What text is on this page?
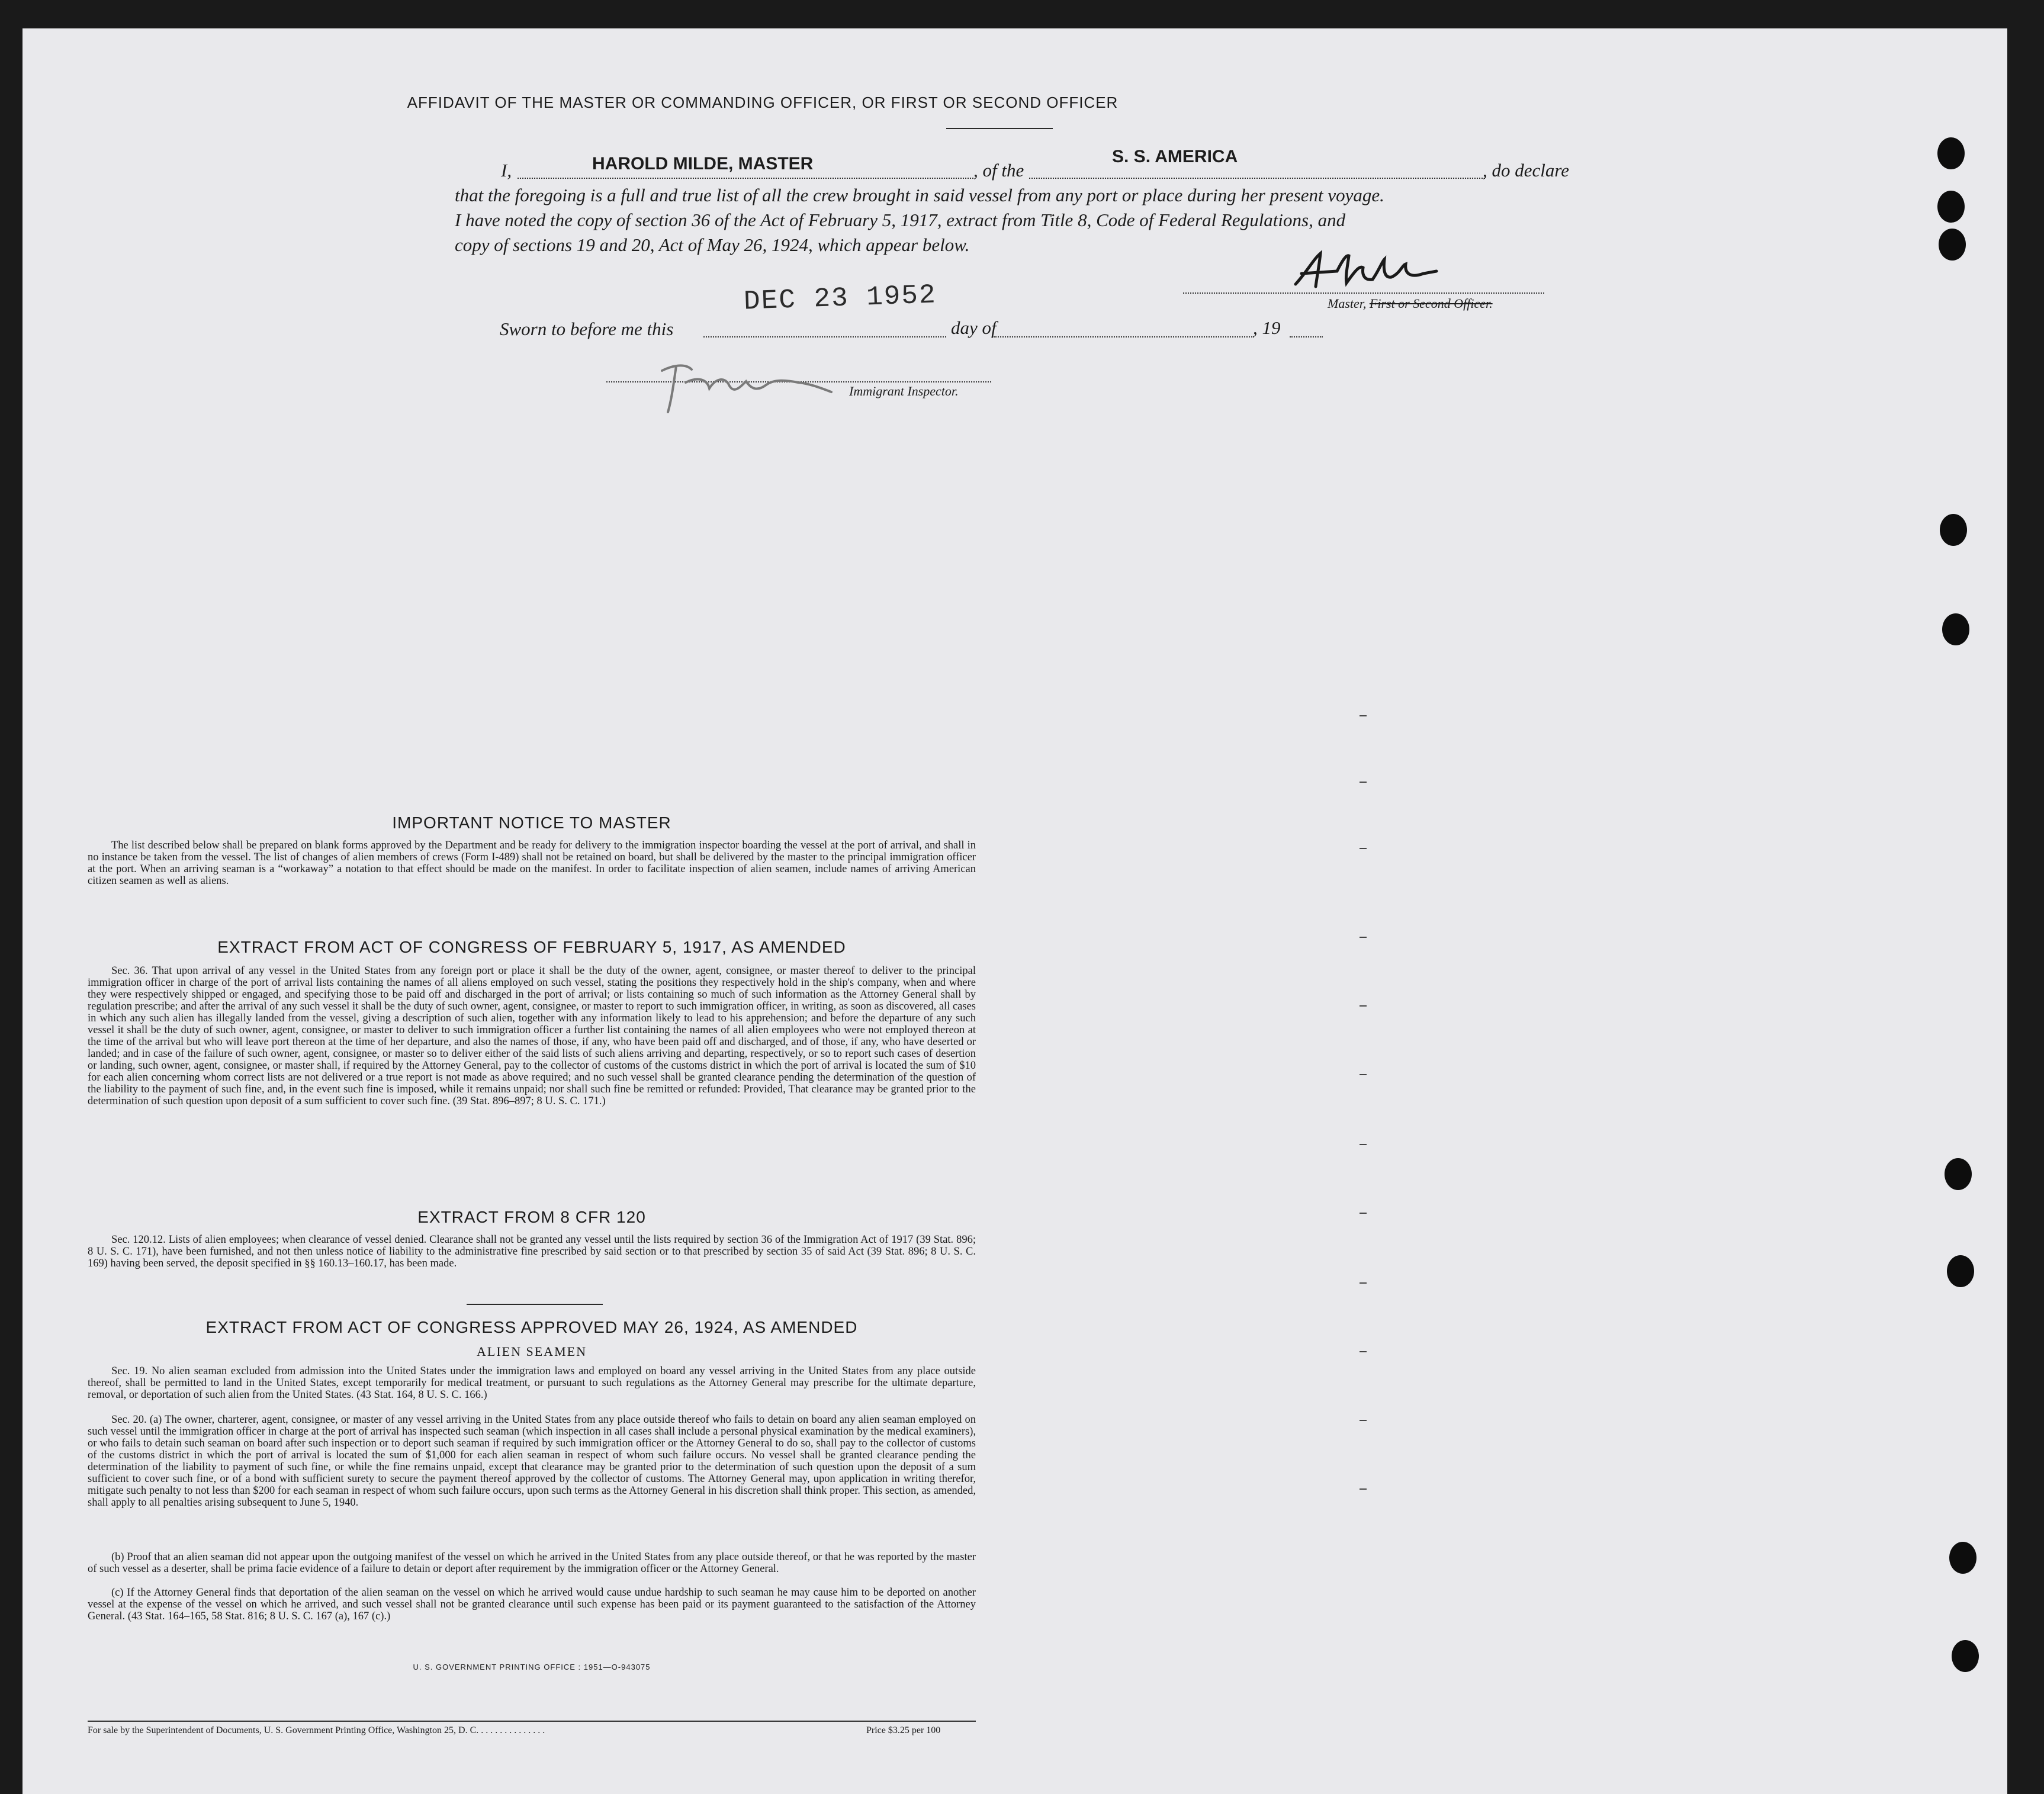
AFFIDAVIT OF THE MASTER OR COMMANDING OFFICER, OR FIRST OR SECOND OFFICER
I,	HAROLD MILDE, MASTER	, of the
S. S. AMERICA
, do declare
that the foregoing is a full and true list of all the crew brought in said vessel from any port or place during her present voyage.
I have noted the copy of section 36 of the Act of February 5, 1917, extract from Title 8, Code of Federal Regulations, and
copy of sections 19 and 20, Act of May 26, 1924, which appear below.
Master, First or Second Officer.
DEC 23 1952
Sworn to before me this	day of	, 19
Immigrant Inspector.
IMPORTANT NOTICE TO MASTER
The list described below shall be prepared on blank forms approved by the Department and be ready for delivery to the immigration inspector boarding the vessel at the port of arrival, and shall in no instance be taken from the vessel. The list of changes of alien members of crews (Form I-489) shall not be retained on board, but shall be delivered by the master to the principal immigration officer at the port. When an arriving seaman is a “workaway” a notation to that effect should be made on the manifest. In order to facilitate inspection of alien seamen, include names of arriving American citizen seamen as well as aliens.
EXTRACT FROM ACT OF CONGRESS OF FEBRUARY 5, 1917, AS AMENDED
Sec. 36. That upon arrival of any vessel in the United States from any foreign port or place it shall be the duty of the owner, agent, consignee, or master thereof to deliver to the principal immigration officer in charge of the port of arrival lists containing the names of all aliens employed on such vessel, stating the positions they respectively hold in the ship's company, when and where they were respectively shipped or engaged, and specifying those to be paid off and discharged in the port of arrival; or lists containing so much of such information as the Attorney General shall by regulation prescribe; and after the arrival of any such vessel it shall be the duty of such owner, agent, consignee, or master to report to such immigration officer, in writing, as soon as discovered, all cases in which any such alien has illegally landed from the vessel, giving a description of such alien, together with any information likely to lead to his apprehension; and before the departure of any such vessel it shall be the duty of such owner, agent, consignee, or master to deliver to such immigration officer a further list containing the names of all alien employees who were not employed thereon at the time of the arrival but who will leave port thereon at the time of her departure, and also the names of those, if any, who have been paid off and discharged, and of those, if any, who have deserted or landed; and in case of the failure of such owner, agent, consignee, or master so to deliver either of the said lists of such aliens arriving and departing, respectively, or so to report such cases of desertion or landing, such owner, agent, consignee, or master shall, if required by the Attorney General, pay to the collector of customs of the customs district in which the port of arrival is located the sum of $10 for each alien concerning whom correct lists are not delivered or a true report is not made as above required; and no such vessel shall be granted clearance pending the determination of the question of the liability to the payment of such fine, and, in the event such fine is imposed, while it remains unpaid; nor shall such fine be remitted or refunded: Provided, That clearance may be granted prior to the determination of such question upon deposit of a sum sufficient to cover such fine. (39 Stat. 896–897; 8 U. S. C. 171.)
EXTRACT FROM 8 CFR 120
Sec. 120.12. Lists of alien employees; when clearance of vessel denied. Clearance shall not be granted any vessel until the lists required by section 36 of the Immigration Act of 1917 (39 Stat. 896; 8 U. S. C. 171), have been furnished, and not then unless notice of liability to the administrative fine prescribed by said section or to that prescribed by section 35 of said Act (39 Stat. 896; 8 U. S. C. 169) having been served, the deposit specified in §§ 160.13–160.17, has been made.
EXTRACT FROM ACT OF CONGRESS APPROVED MAY 26, 1924, AS AMENDED
ALIEN SEAMEN
Sec. 19. No alien seaman excluded from admission into the United States under the immigration laws and employed on board any vessel arriving in the United States from any place outside thereof, shall be permitted to land in the United States, except temporarily for medical treatment, or pursuant to such regulations as the Attorney General may prescribe for the ultimate departure, removal, or deportation of such alien from the United States. (43 Stat. 164, 8 U. S. C. 166.)
Sec. 20. (a) The owner, charterer, agent, consignee, or master of any vessel arriving in the United States from any place outside thereof who fails to detain on board any alien seaman employed on such vessel until the immigration officer in charge at the port of arrival has inspected such seaman (which inspection in all cases shall include a personal physical examination by the medical examiners), or who fails to detain such seaman on board after such inspection or to deport such seaman if required by such immigration officer or the Attorney General to do so, shall pay to the collector of customs of the customs district in which the port of arrival is located the sum of $1,000 for each alien seaman in respect of whom such failure occurs. No vessel shall be granted clearance pending the determination of the liability to payment of such fine, or while the fine remains unpaid, except that clearance may be granted prior to the determination of such question upon the deposit of a sum sufficient to cover such fine, or of a bond with sufficient surety to secure the payment thereof approved by the collector of customs. The Attorney General may, upon application in writing therefor, mitigate such penalty to not less than $200 for each seaman in respect of whom such failure occurs, upon such terms as the Attorney General in his discretion shall think proper. This section, as amended, shall apply to all penalties arising subsequent to June 5, 1940.
(b) Proof that an alien seaman did not appear upon the outgoing manifest of the vessel on which he arrived in the United States from any place outside thereof, or that he was reported by the master of such vessel as a deserter, shall be prima facie evidence of a failure to detain or deport after requirement by the immigration officer or the Attorney General.
(c) If the Attorney General finds that deportation of the alien seaman on the vessel on which he arrived would cause undue hardship to such seaman he may cause him to be deported on another vessel at the expense of the vessel on which he arrived, and such vessel shall not be granted clearance until such expense has been paid or its payment guaranteed to the satisfaction of the Attorney General. (43 Stat. 164–165, 58 Stat. 816; 8 U. S. C. 167 (a), 167 (c).)
U. S. GOVERNMENT PRINTING OFFICE : 1951—O-943075
For sale by the Superintendent of Documents, U. S. Government Printing Office, Washington 25, D. C. . . . . . . . . . . . . . .	Price $3.25 per 100
